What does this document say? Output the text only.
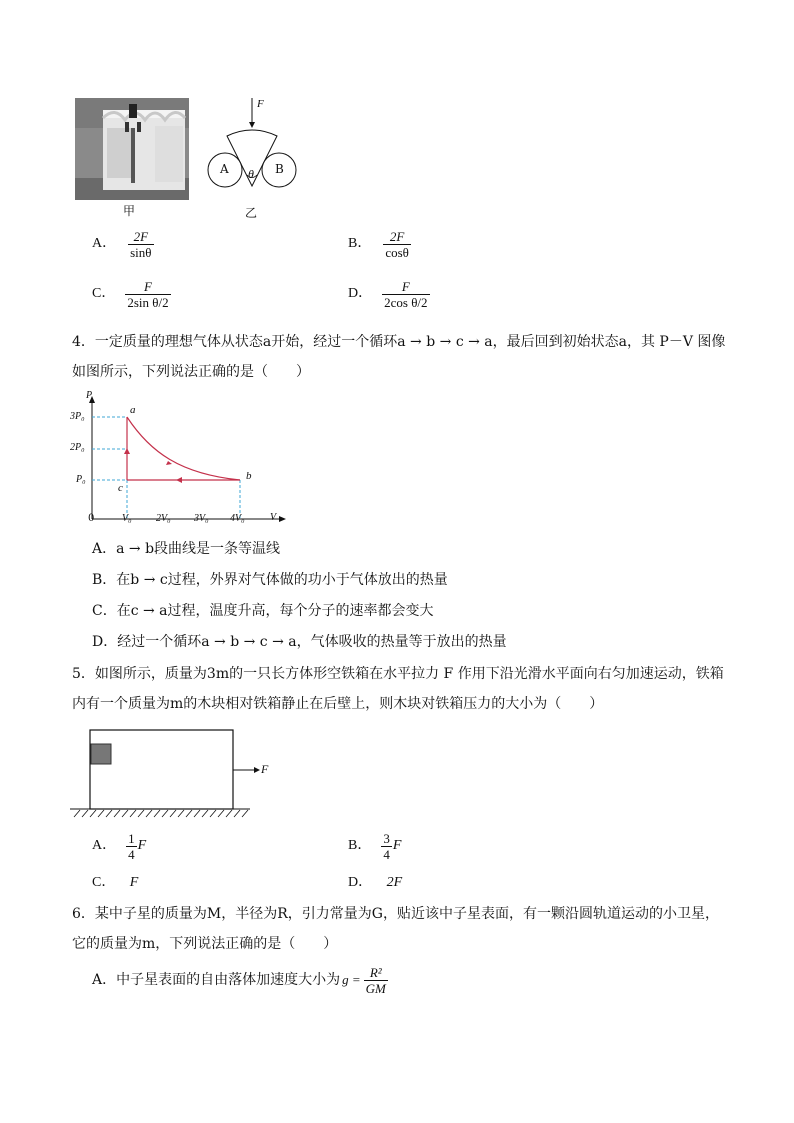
甲
F
A	B
θ
乙
A． $\frac{2F}{\sin\theta}$	B． $\frac{2F}{\cos\theta}$
C． $\frac{F}{\text{2sin θ/2}}$	D． $\frac{F}{\text{2cos θ/2}}$
4．一定质量的理想气体从状态a开始，经过一个循环a → b → c → a，最后回到初始状态a，其 P－V 图像
如图所示，下列说法正确的是（　　）
P
V
0
3P₀
2P₀
P₀
V₀ 2V₀ 3V₀ 4V₀
a
b
c
A．a → b段曲线是一条等温线
B．在b → c过程，外界对气体做的功小于气体放出的热量
C．在c → a过程，温度升高，每个分子的速率都会变大
D．经过一个循环a → b → c → a，气体吸收的热量等于放出的热量
5．如图所示，质量为3m的一只长方体形空铁箱在水平拉力 F 作用下沿光滑水平面向右匀加速运动，铁箱
内有一个质量为m的木块相对铁箱静止在后壁上，则木块对铁箱压力的大小为（　　）
F
A． $\frac{1}{4}$ F	B． $\frac{3}{4}$ F
C． F	D． 2F
6．某中子星的质量为M，半径为R，引力常量为G，贴近该中子星表面，有一颗沿圆轨道运动的小卫星，
它的质量为m，下列说法正确的是（　　）
A．中子星表面的自由落体加速度大小为 $g = \frac{\text{R²}}{GM}$
